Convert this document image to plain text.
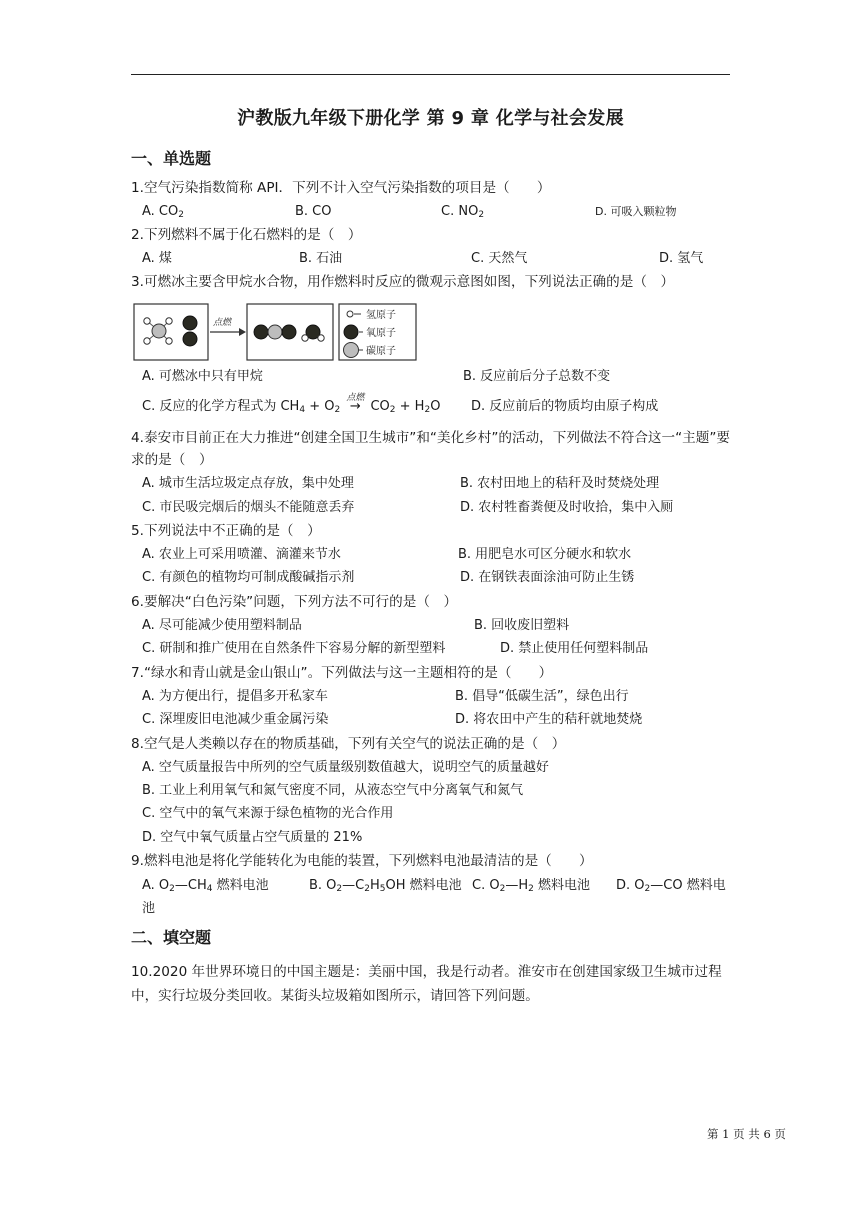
沪教版九年级下册化学 第 9 章 化学与社会发展
一、单选题
1.空气污染指数简称 API．下列不计入空气污染指数的项目是（　　）
A. $CO_2$	B. CO	C. $NO_2$	D. 可吸入颗粒物
2.下列燃料不属于化石燃料的是（　）
A. 煤	B. 石油	C. 天然气	D. 氢气
3.可燃冰主要含甲烷水合物，用作燃料时反应的微观示意图如图，下列说法正确的是（　）
点燃
氢原子
氧原子
碳原子
A. 可燃冰中只有甲烷	B. 反应前后分子总数不变
C. 反应的化学方程式为 $CH_4 + O_2$
点燃
→ $CO_2 + H_2O$ D. 反应前后的物质均由原子构成
4.泰安市目前正在大力推进“创建全国卫生城市”和“美化乡村”的活动，下列做法不符合这一“主题”要求的是（　）
A. 城市生活垃圾定点存放，集中处理	B. 农村田地上的秸秆及时焚烧处理
C. 市民吸完烟后的烟头不能随意丢弃	D. 农村牲畜粪便及时收拾，集中入厕
5.下列说法中不正确的是（　）
A. 农业上可采用喷灌、滴灌来节水	B. 用肥皂水可区分硬水和软水
C. 有颜色的植物均可制成酸碱指示剂	D. 在钢铁表面涂油可防止生锈
6.要解决“白色污染”问题，下列方法不可行的是（　）
A. 尽可能减少使用塑料制品	B. 回收废旧塑料
C. 研制和推广使用在自然条件下容易分解的新型塑料	D. 禁止使用任何塑料制品
7.“绿水和青山就是金山银山”。下列做法与这一主题相符的是（　　）
A. 为方便出行，提倡多开私家车	B. 倡导“低碳生活”，绿色出行
C. 深埋废旧电池减少重金属污染	D. 将农田中产生的秸秆就地焚烧
8.空气是人类赖以存在的物质基础，下列有关空气的说法正确的是（　）
A. 空气质量报告中所列的空气质量级别数值越大，说明空气的质量越好
B. 工业上利用氧气和氮气密度不同，从液态空气中分离氧气和氮气
C. 空气中的氧气来源于绿色植物的光合作用
D. 空气中氧气质量占空气质量的 21%
9.燃料电池是将化学能转化为电能的装置，下列燃料电池最清洁的是（　　）
A. $O_2—CH_4$ 燃料电池	B. $O_2—C_2H_5OH$ 燃料电池 C. $O_2—H_2$ 燃料电池 D. $O_2—CO$ 燃料电
池
二、填空题
10.2020 年世界环境日的中国主题是：美丽中国，我是行动者。淮安市在创建国家级卫生城市过程中，实行垃圾分类回收。某街头垃圾箱如图所示，请回答下列问题。
第 1 页 共 6 页
